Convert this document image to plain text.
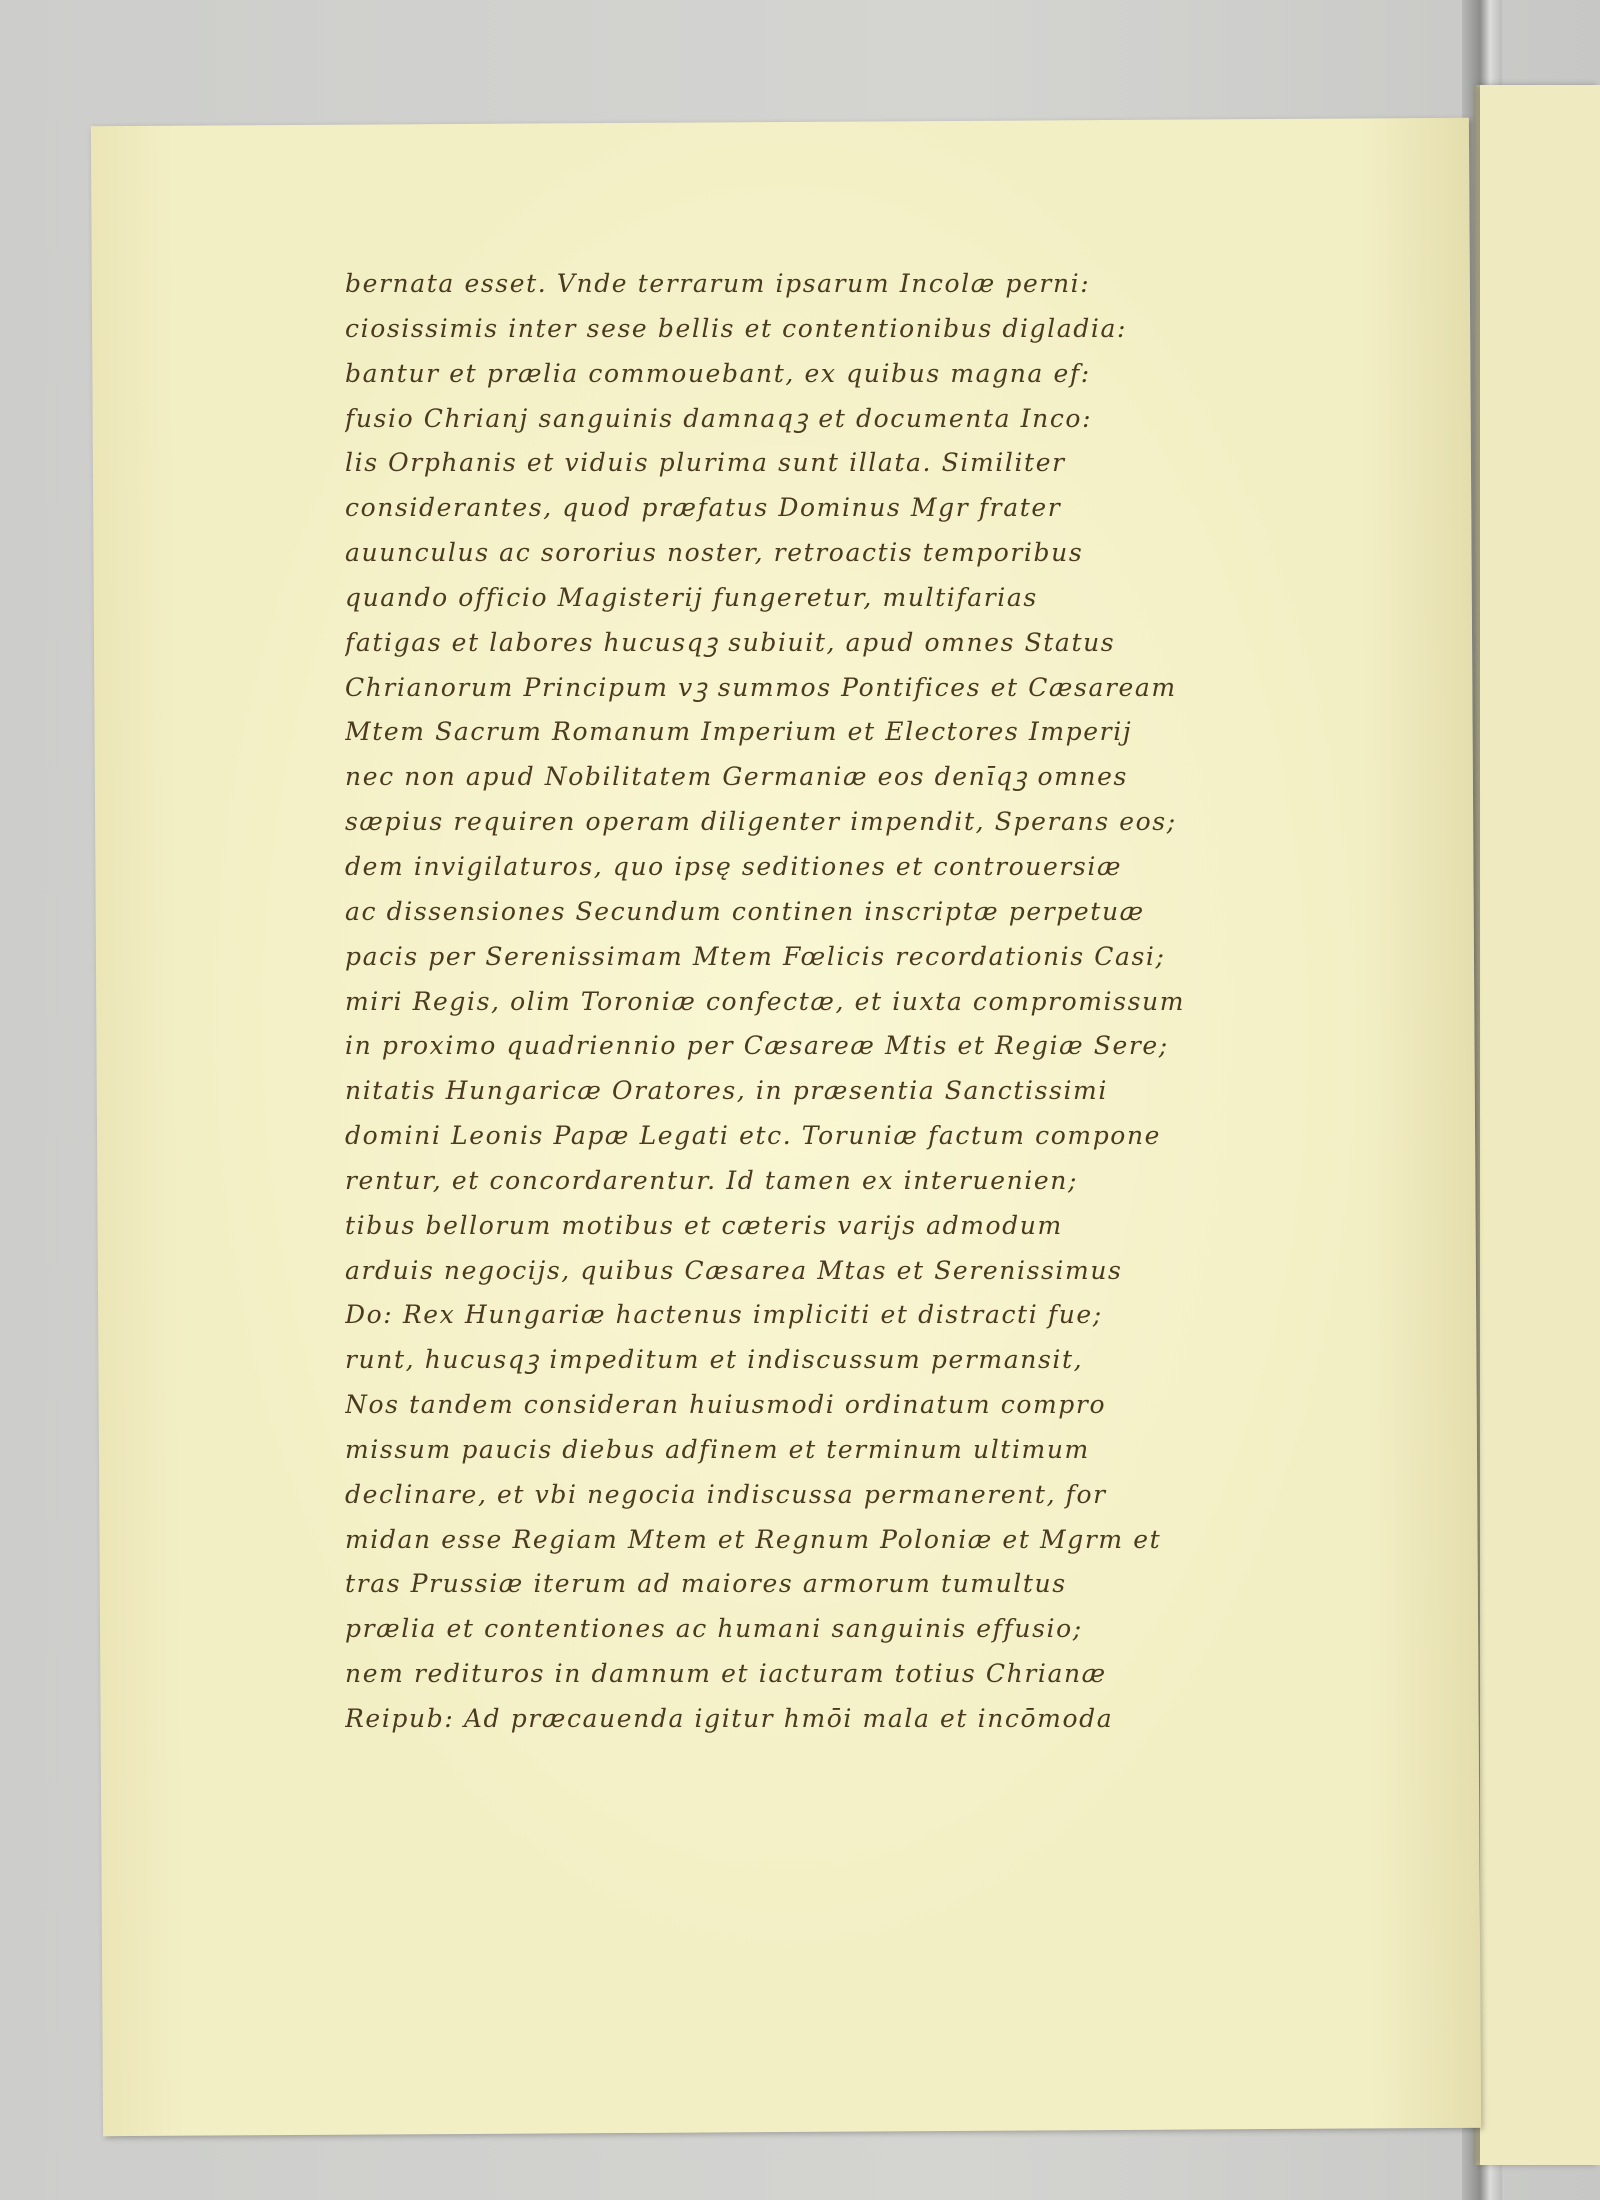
bernata esset. Vnde terrarum ipsarum Incolæ perni:
ciosissimis inter sese bellis et contentionibus digladia:
bantur et prælia commouebant, ex quibus magna ef:
fusio Chrianj sanguinis damnaqꝫ et documenta Inco:
lis Orphanis et viduis plurima sunt illata. Similiter
considerantes, quod præfatus Dominus Mgr frater
auunculus ac sororius noster, retroactis temporibus
quando officio Magisterij fungeretur, multifarias
fatigas et labores hucusqꝫ subiuit, apud omnes Status
Chrianorum Principum vꝫ summos Pontifices et Cæsaream
Mtem Sacrum Romanum Imperium et Electores Imperij
nec non apud Nobilitatem Germaniæ eos denīqꝫ omnes
sæpius requiren operam diligenter impendit, Sperans eos;
dem invigilaturos, quo ipsę seditiones et controuersiæ
ac dissensiones Secundum continen inscriptæ perpetuæ
pacis per Serenissimam Mtem Fœlicis recordationis Casi;
miri Regis, olim Toroniæ confectæ, et iuxta compromissum
in proximo quadriennio per Cæsareæ Mtis et Regiæ Sere;
nitatis Hungaricæ Oratores, in præsentia Sanctissimi
domini Leonis Papæ Legati etc. Toruniæ factum compone
rentur, et concordarentur. Id tamen ex interuenien;
tibus bellorum motibus et cæteris varijs admodum
arduis negocijs, quibus Cæsarea Mtas et Serenissimus
Do: Rex Hungariæ hactenus impliciti et distracti fue;
runt, hucusqꝫ impeditum et indiscussum permansit,
Nos tandem consideran huiusmodi ordinatum compro
missum paucis diebus adfinem et terminum ultimum
declinare, et vbi negocia indiscussa permanerent, for
midan esse Regiam Mtem et Regnum Poloniæ et Mgrm et
tras Prussiæ iterum ad maiores armorum tumultus
prælia et contentiones ac humani sanguinis effusio;
nem redituros in damnum et iacturam totius Chrianæ
Reipub: Ad præcauenda igitur hmōi mala et incōmoda
